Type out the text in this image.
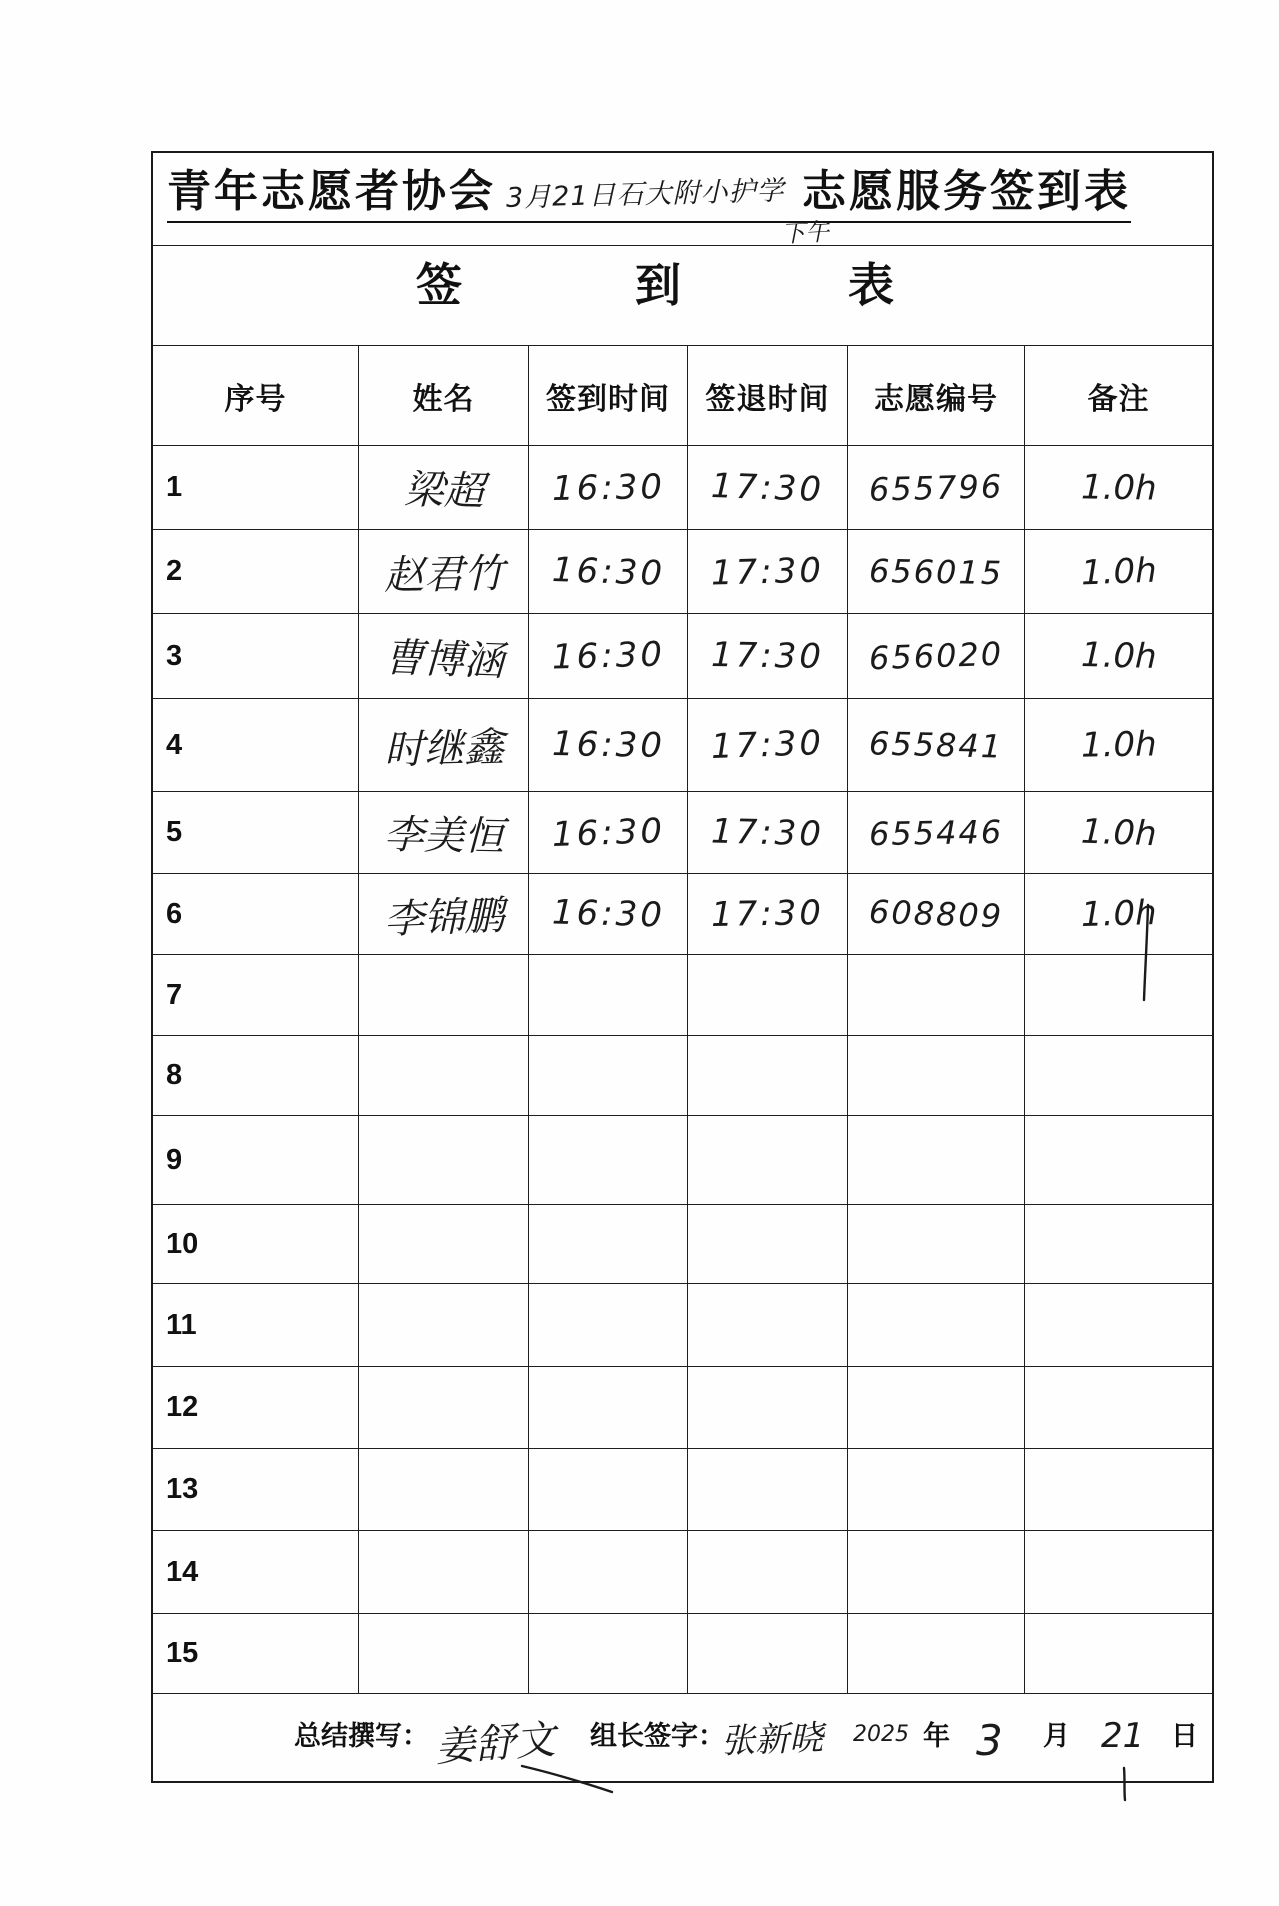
青年志愿者协会 3月21日石大附小护学 志愿服务签到表
下午
签	到	表
序号	姓名 签到时间 签退时间 志愿编号	备注
1	梁超 16:30 17:30 655796 1.0h
2	赵君竹 16:30 17:30 656015 1.0h
3	曹博涵 16:30 17:30 656020 1.0h
4	时继鑫 16:30 17:30 655841 1.0h
5	李美恒 16:30 17:30 655446 1.0h
6	李锦鹏 16:30 17:30 608809 1.0h
7
8
9
10
11
12
13
14
15
总结撰写： 姜舒文 组长签字：
张新晓 2025 年 3 月 21 日
